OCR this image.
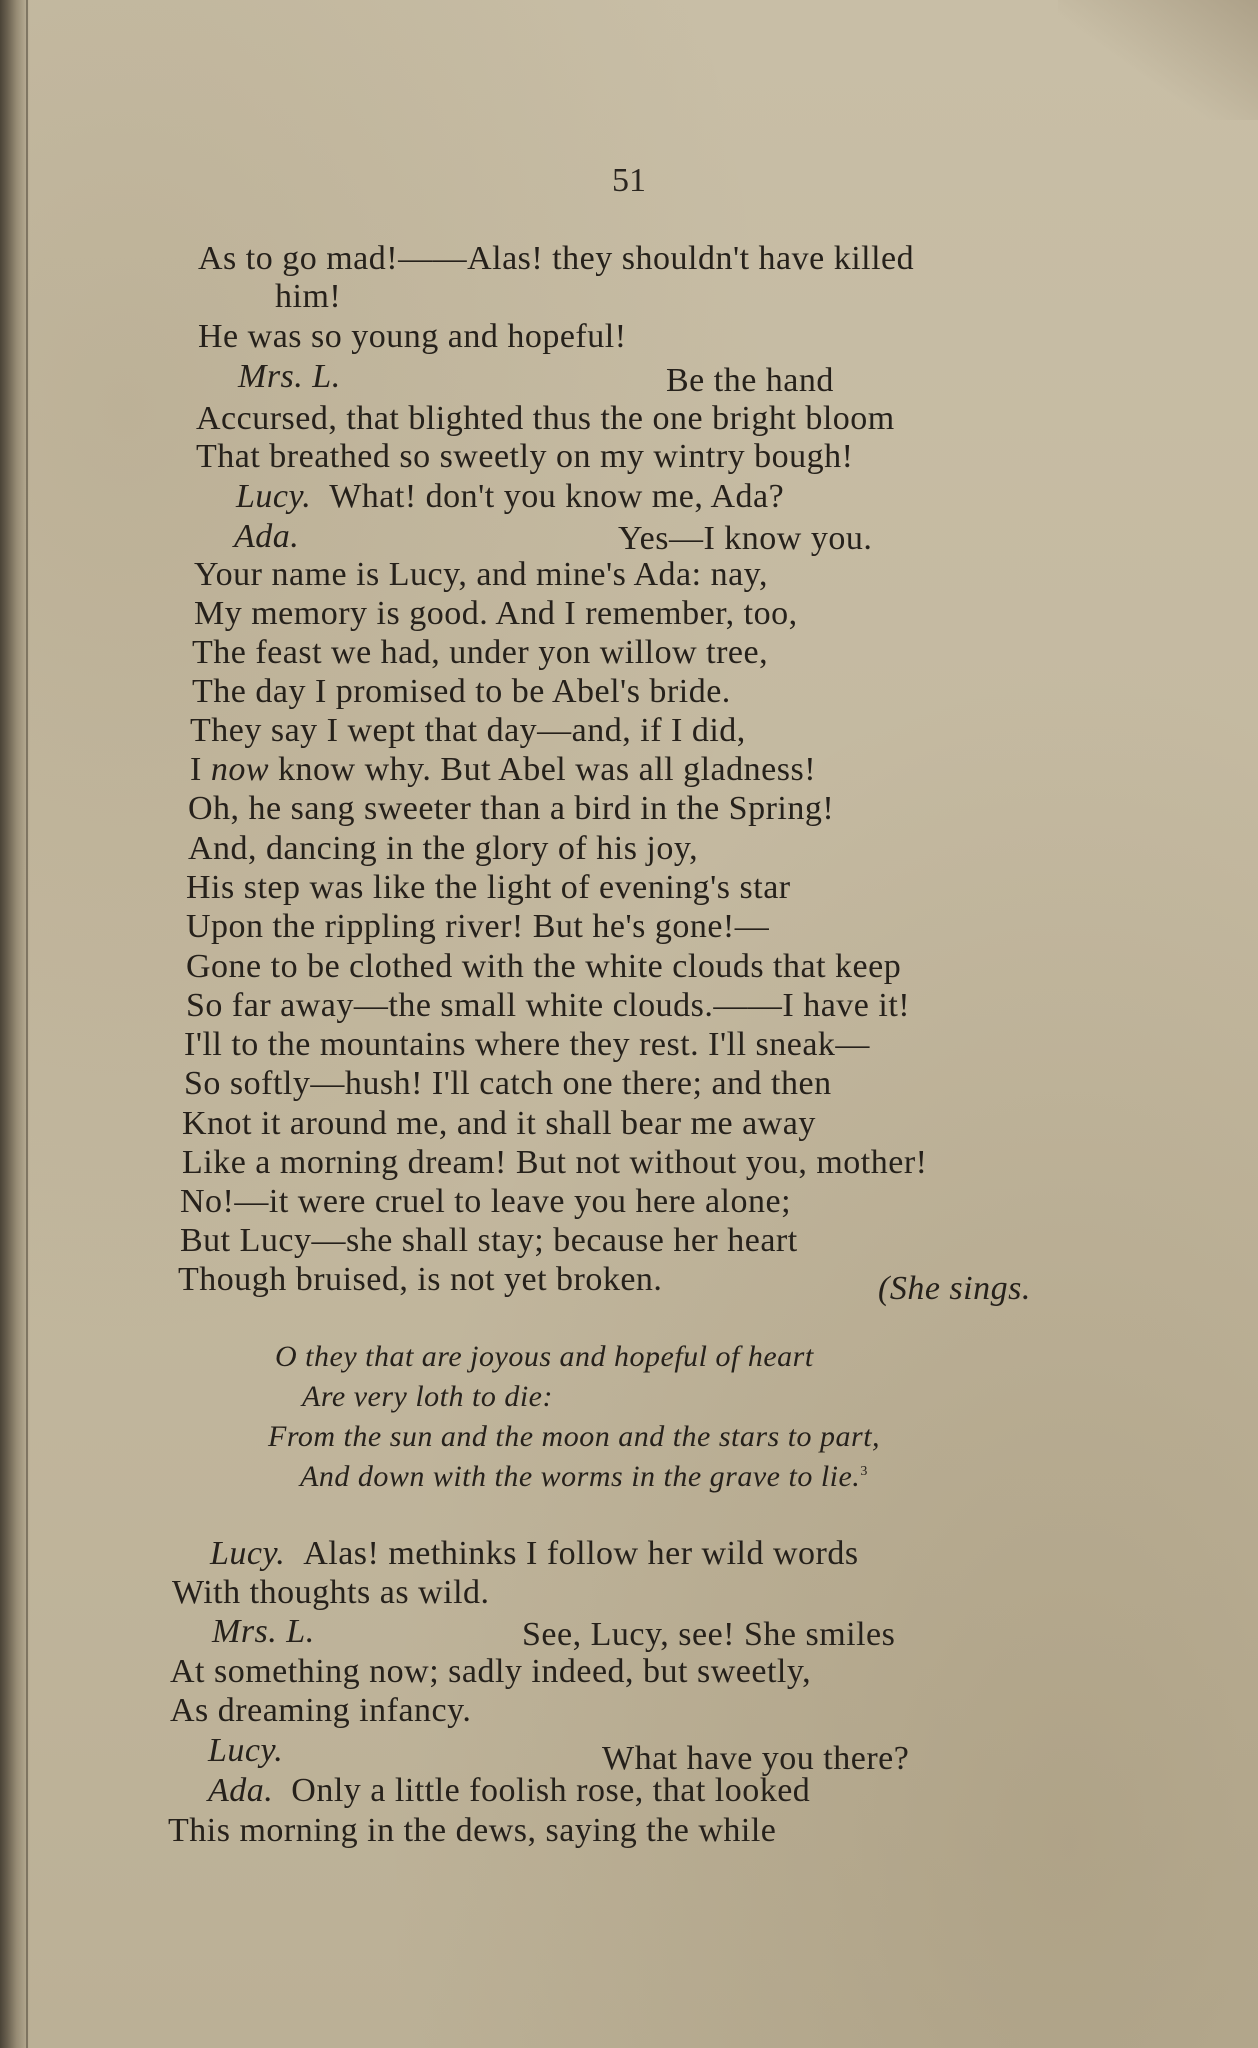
51
As to go mad!——Alas! they shouldn't have killed
him!
He was so young and hopeful!
Mrs. L.	Be the hand
Accursed, that blighted thus the one bright bloom
That breathed so sweetly on my wintry bough!
Lucy. What! don't you know me, Ada?
Ada.	Yes—I know you.
Your name is Lucy, and mine's Ada: nay,
My memory is good. And I remember, too,
The feast we had, under yon willow tree,
The day I promised to be Abel's bride.
They say I wept that day—and, if I did,
I now know why. But Abel was all gladness!
Oh, he sang sweeter than a bird in the Spring!
And, dancing in the glory of his joy,
His step was like the light of evening's star
Upon the rippling river! But he's gone!—
Gone to be clothed with the white clouds that keep
So far away—the small white clouds.——I have it!
I'll to the mountains where they rest. I'll sneak—
So softly—hush! I'll catch one there; and then
Knot it around me, and it shall bear me away
Like a morning dream! But not without you, mother!
No!—it were cruel to leave you here alone;
But Lucy—she shall stay; because her heart
Though bruised, is not yet broken.	(She sings.
O they that are joyous and hopeful of heart
Are very loth to die:
From the sun and the moon and the stars to part,
And down with the worms in the grave to lie.$^3$
Lucy. Alas! methinks I follow her wild words
With thoughts as wild.
Mrs. L.	See, Lucy, see! She smiles
At something now; sadly indeed, but sweetly,
As dreaming infancy.
Lucy.	What have you there?
Ada. Only a little foolish rose, that looked
This morning in the dews, saying the while
